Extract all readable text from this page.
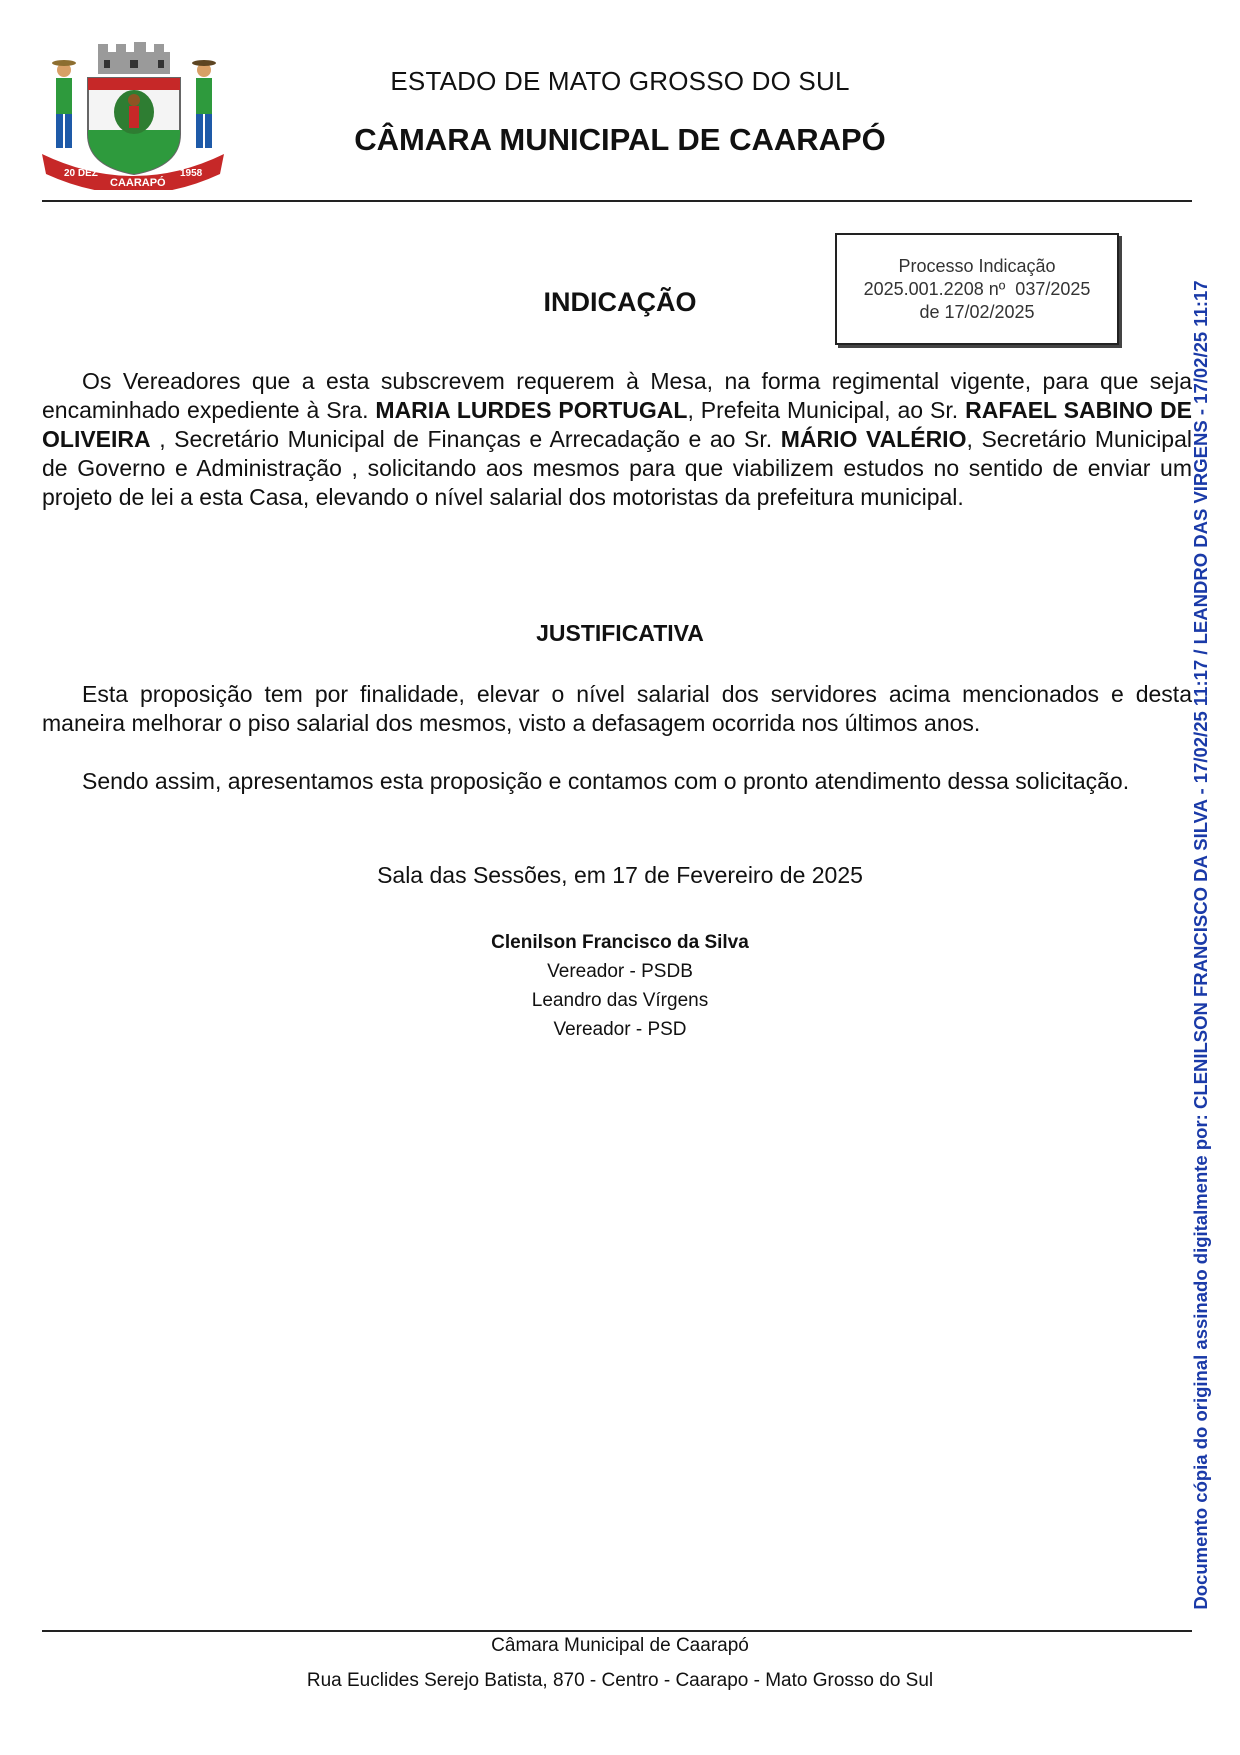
20 DEZ
CAARAPÓ
1958
ESTADO DE MATO GROSSO DO SUL
CÂMARA MUNICIPAL DE CAARAPÓ
Processo Indicação
2025.001.2208 nº  037/2025
de 17/02/2025
INDICAÇÃO

Os Vereadores que a esta subscrevem requerem à Mesa, na forma regimental vigente, para que seja encaminhado expediente à Sra. MARIA LURDES PORTUGAL, Prefeita Municipal, ao Sr. RAFAEL SABINO DE OLIVEIRA , Secretário Municipal de Finanças e Arrecadação e ao Sr. MÁRIO VALÉRIO, Secretário Municipal de Governo e Administração , solicitando aos mesmos para que viabilizem estudos no sentido de enviar um projeto de lei a esta Casa, elevando o nível salarial dos motoristas da prefeitura municipal.

JUSTIFICATIVA

Esta proposição tem por finalidade, elevar o nível salarial dos servidores acima mencionados e desta maneira melhorar o piso salarial dos mesmos, visto a defasagem ocorrida nos últimos anos.

Sendo assim, apresentamos esta proposição e contamos com o pronto atendimento dessa solicitação.

Sala das Sessões, em 17 de Fevereiro de 2025
Clenilson Francisco da Silva
Vereador - PSDB
Leandro das Vírgens
Vereador - PSD	Documento cópia do original assinado digitalmente por: CLENILSON FRANCISCO DA SILVA - 17/02/25 11:17 / LEANDRO DAS VIRGENS - 17/02/25 11:17
Câmara Municipal de Caarapó
Rua Euclides Serejo Batista, 870 - Centro - Caarapo - Mato Grosso do Sul
